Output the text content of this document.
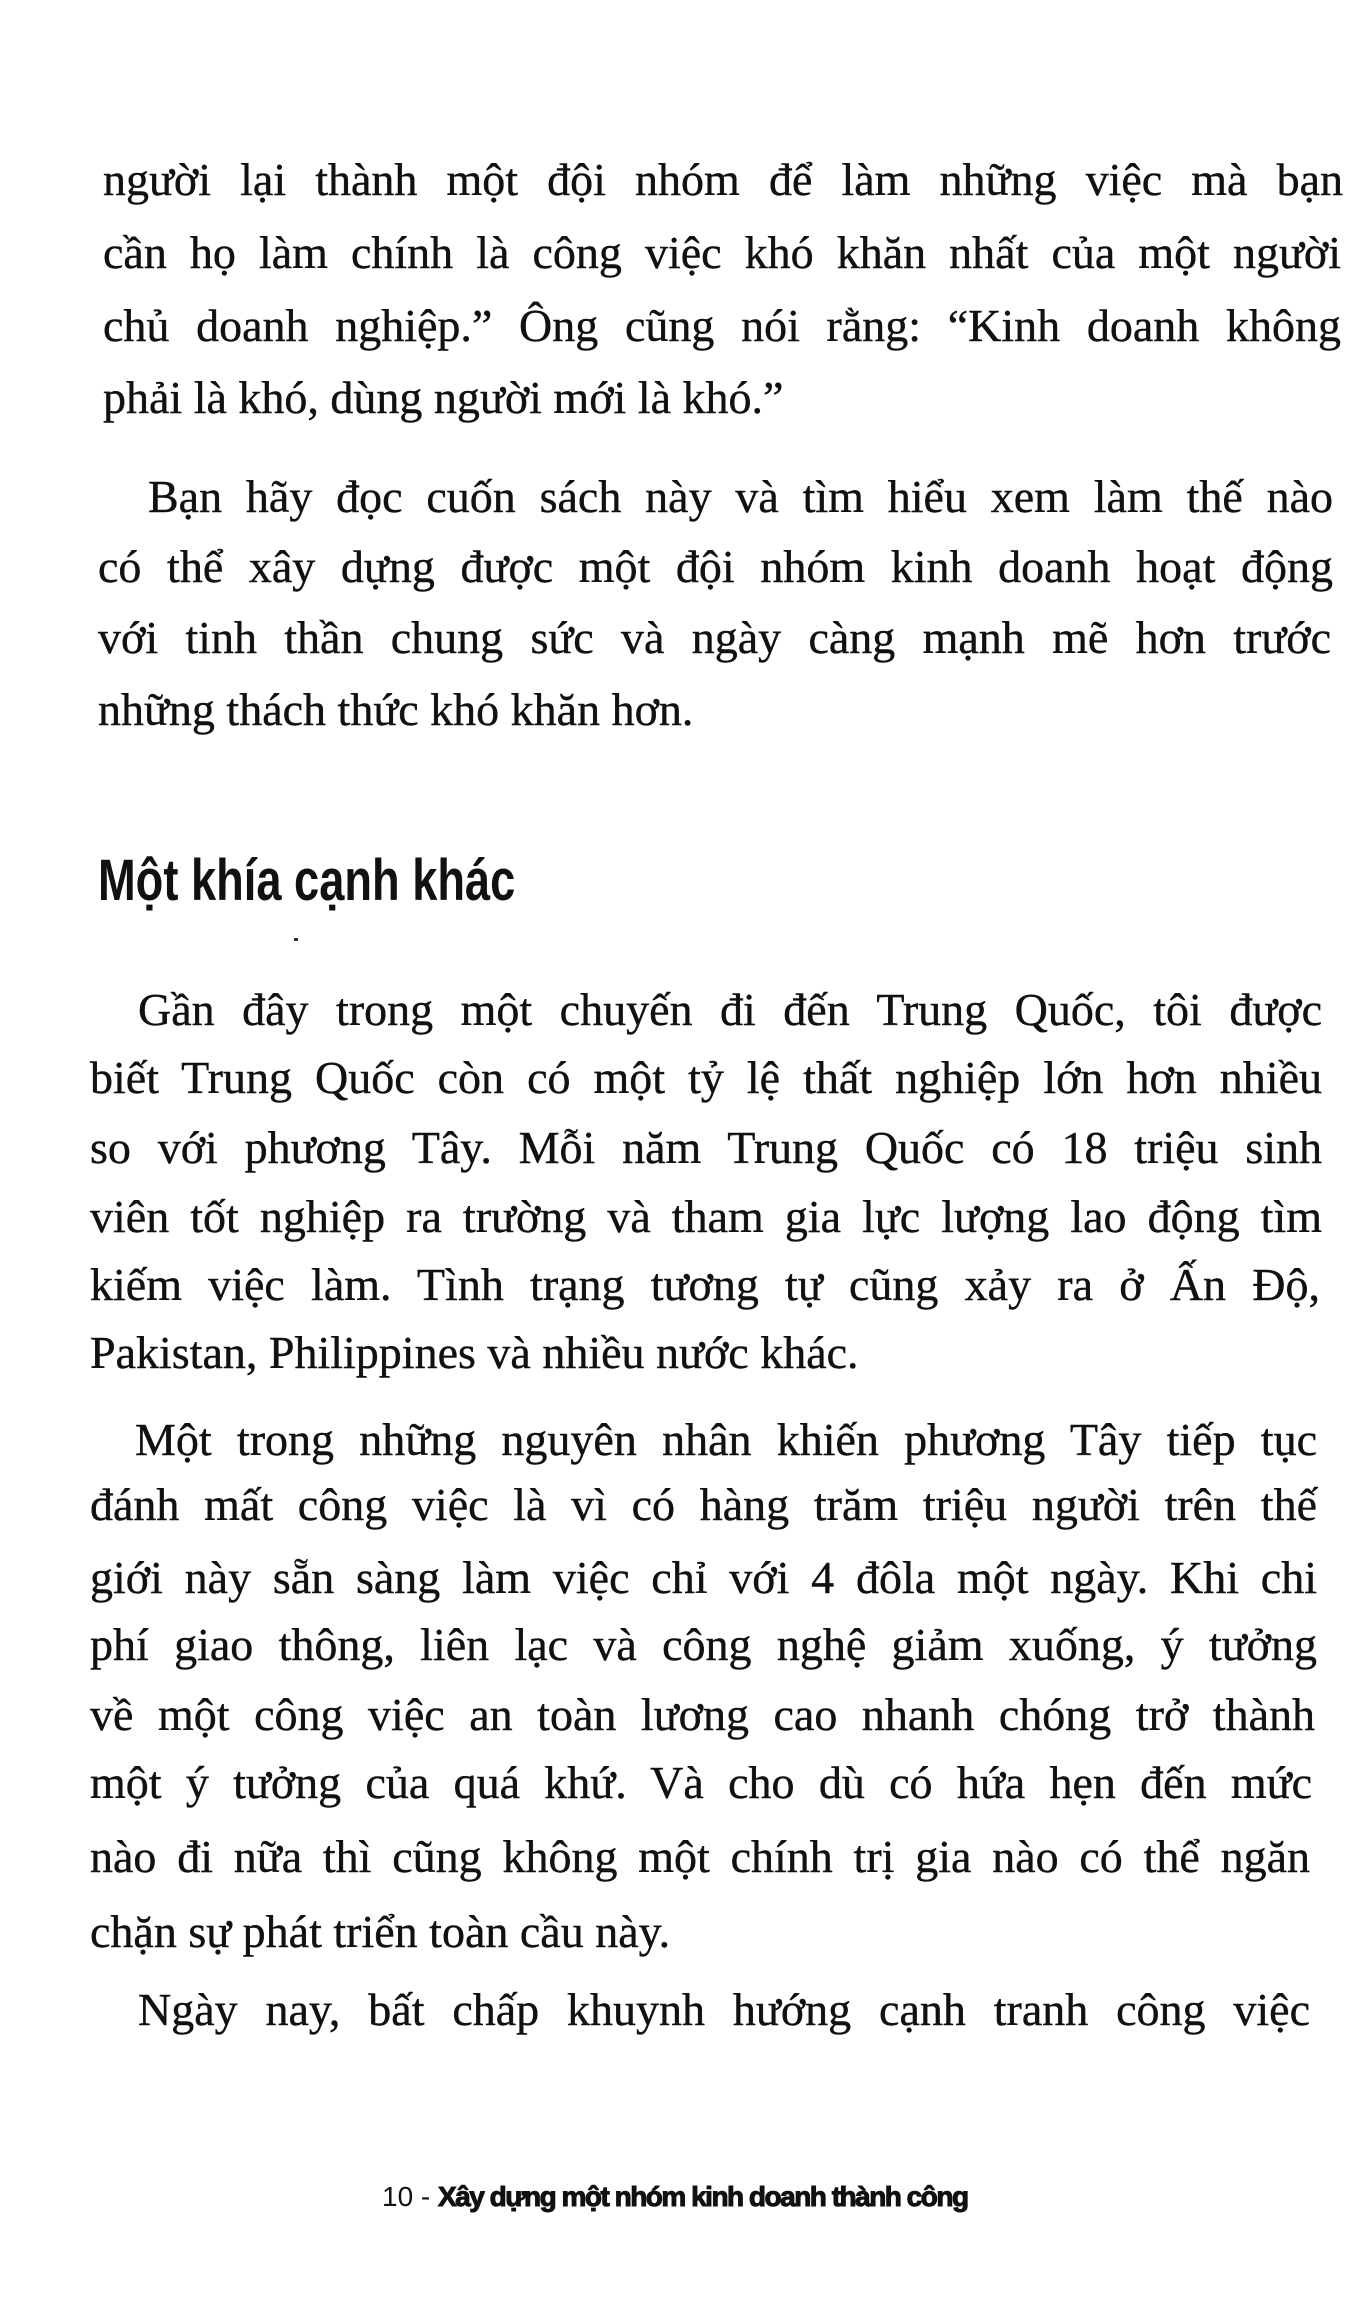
người lại thành một đội nhóm để làm những việc mà bạn
cần họ làm chính là công việc khó khăn nhất của một người
chủ doanh nghiệp.” Ông cũng nói rằng: “Kinh doanh không
phải là khó, dùng người mới là khó.”
Bạn hãy đọc cuốn sách này và tìm hiểu xem làm thế nào
có thể xây dựng được một đội nhóm kinh doanh hoạt động
với tinh thần chung sức và ngày càng mạnh mẽ hơn trước
những thách thức khó khăn hơn.
Một khía cạnh khác
Gần đây trong một chuyến đi đến Trung Quốc, tôi được
biết Trung Quốc còn có một tỷ lệ thất nghiệp lớn hơn nhiều
so với phương Tây. Mỗi năm Trung Quốc có 18 triệu sinh
viên tốt nghiệp ra trường và tham gia lực lượng lao động tìm
kiếm việc làm. Tình trạng tương tự cũng xảy ra ở Ấn Độ,
Pakistan, Philippines và nhiều nước khác.
Một trong những nguyên nhân khiến phương Tây tiếp tục
đánh mất công việc là vì có hàng trăm triệu người trên thế
giới này sẵn sàng làm việc chỉ với 4 đôla một ngày. Khi chi
phí giao thông, liên lạc và công nghệ giảm xuống, ý tưởng
về một công việc an toàn lương cao nhanh chóng trở thành
một ý tưởng của quá khứ. Và cho dù có hứa hẹn đến mức
nào đi nữa thì cũng không một chính trị gia nào có thể ngăn
chặn sự phát triển toàn cầu này.
Ngày nay, bất chấp khuynh hướng cạnh tranh công việc
10 - Xây dựng một nhóm kinh doanh thành công
